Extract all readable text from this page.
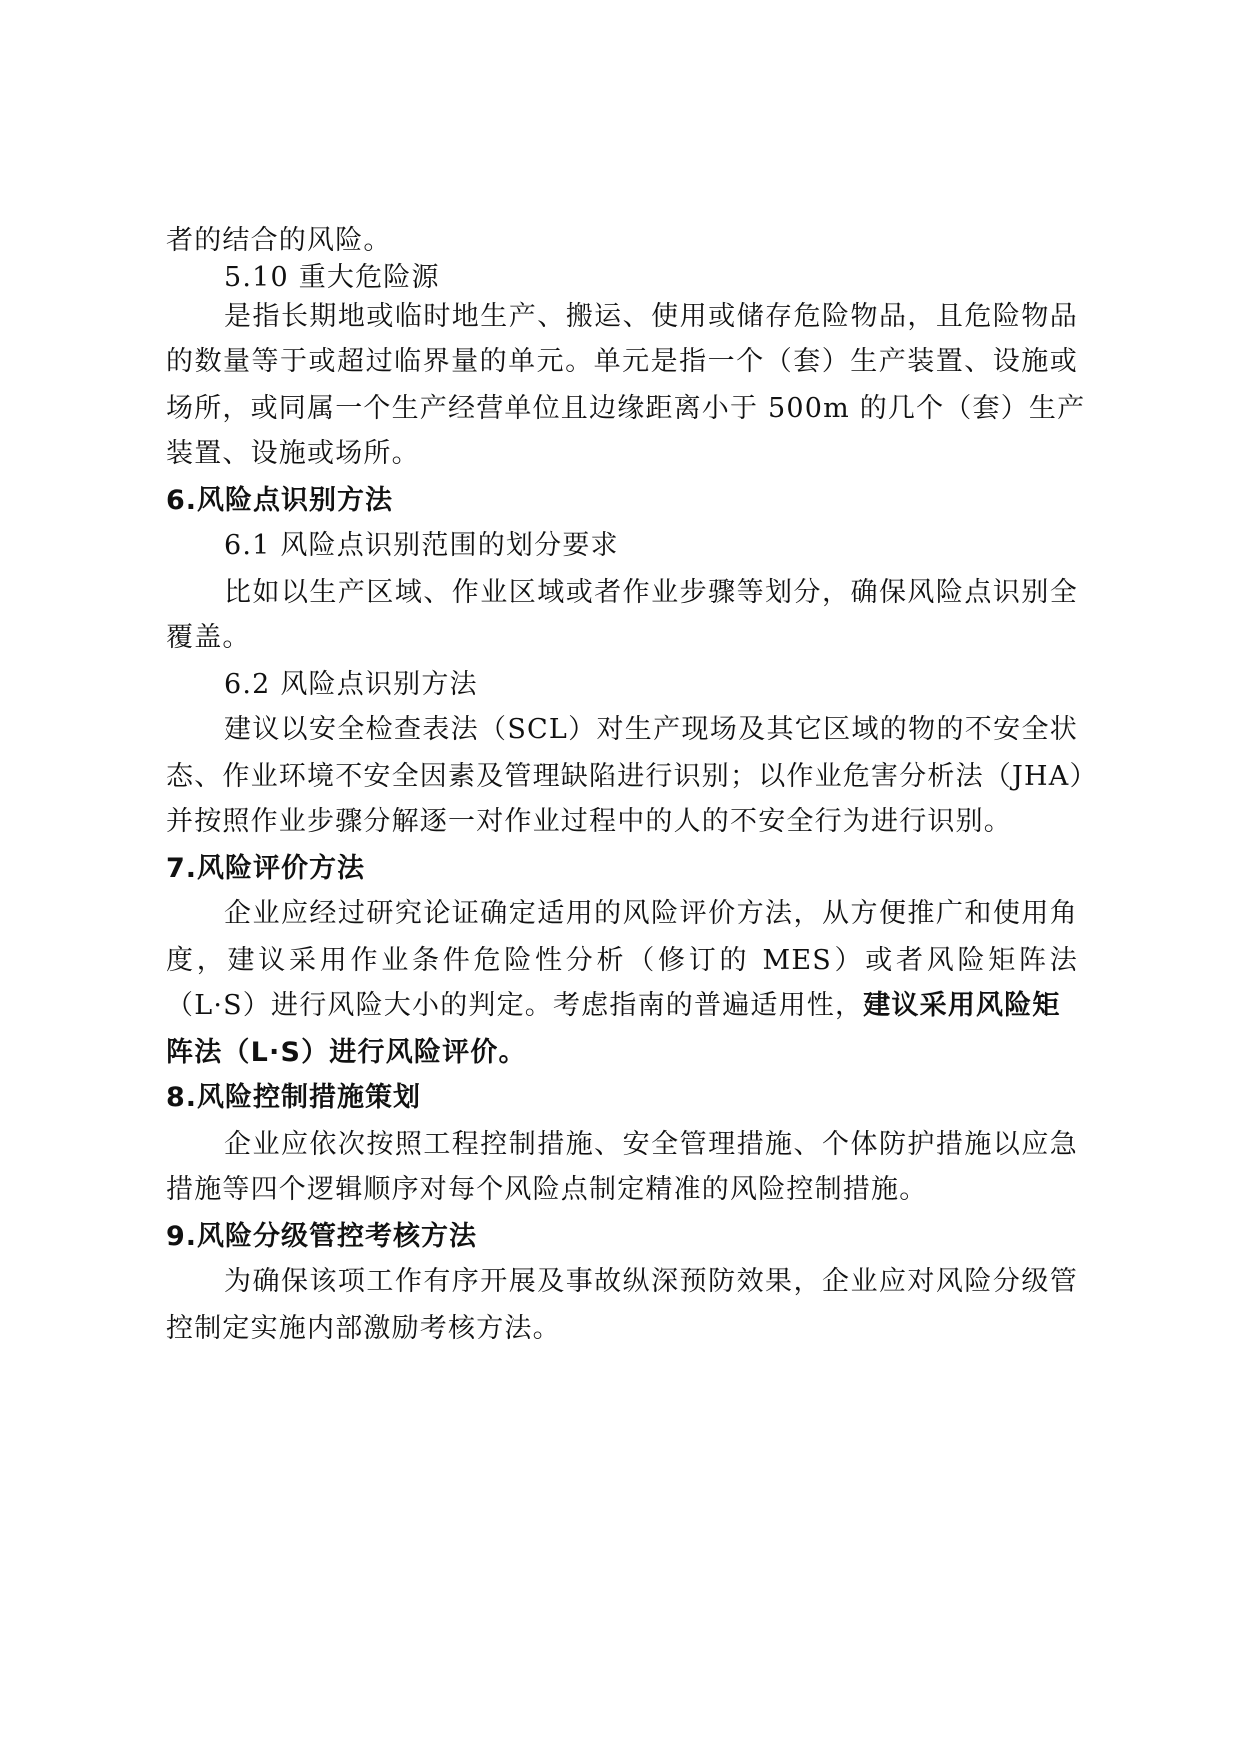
者的结合的风险。
5.10 重大危险源
是指长期地或临时地生产、搬运、使用或储存危险物品，且危险物品
的数量等于或超过临界量的单元。单元是指一个（套）生产装置、设施或
场所，或同属一个生产经营单位且边缘距离小于 500m 的几个（套）生产
装置、设施或场所。
6.风险点识别方法
6.1 风险点识别范围的划分要求
比如以生产区域、作业区域或者作业步骤等划分，确保风险点识别全
覆盖。
6.2 风险点识别方法
建议以安全检查表法（SCL）对生产现场及其它区域的物的不安全状
态、作业环境不安全因素及管理缺陷进行识别；以作业危害分析法（JHA）
并按照作业步骤分解逐一对作业过程中的人的不安全行为进行识别。
7.风险评价方法
企业应经过研究论证确定适用的风险评价方法，从方便推广和使用角
度，建议采用作业条件危险性分析（修订的 MES）或者风险矩阵法
（L·S）进行风险大小的判定。考虑指南的普遍适用性，建议采用风险矩
阵法（L·S）进行风险评价。
8.风险控制措施策划
企业应依次按照工程控制措施、安全管理措施、个体防护措施以应急
措施等四个逻辑顺序对每个风险点制定精准的风险控制措施。
9.风险分级管控考核方法
为确保该项工作有序开展及事故纵深预防效果，企业应对风险分级管
控制定实施内部激励考核方法。
